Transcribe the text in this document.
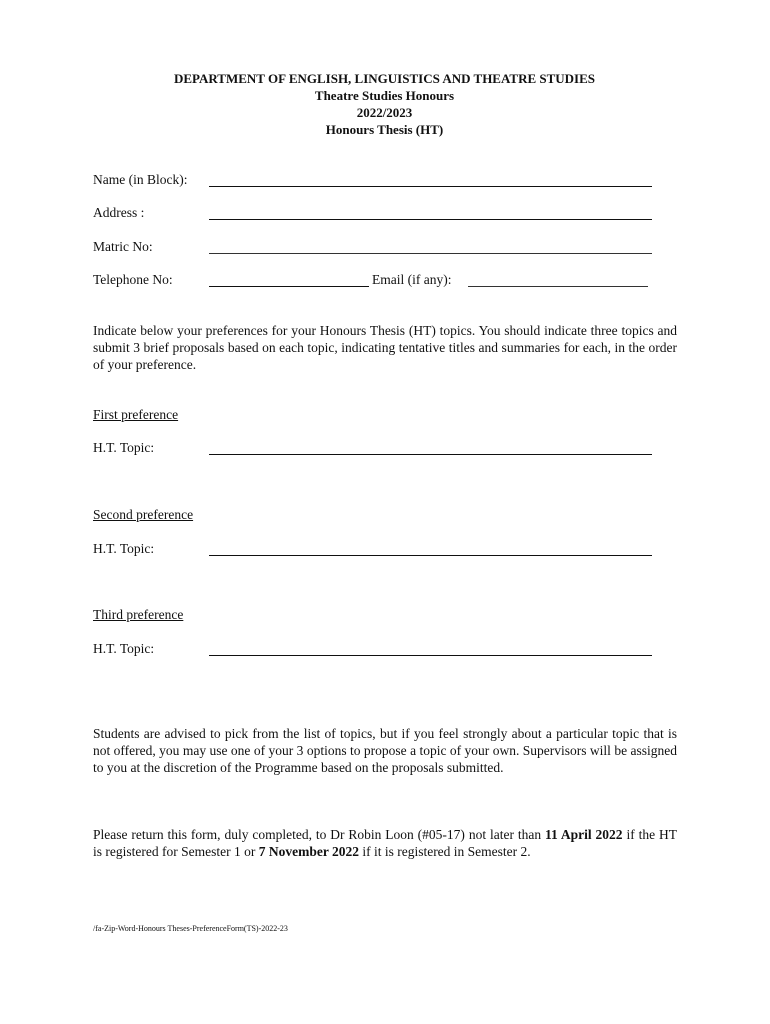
DEPARTMENT OF ENGLISH, LINGUISTICS AND THEATRE STUDIES
Theatre Studies Honours
2022/2023
Honours Thesis (HT)
Name (in Block):
Address :
Matric No:
Telephone No:	Email (if any):
Indicate below your preferences for your Honours Thesis (HT) topics. You should indicate three topics and submit 3 brief proposals based on each topic, indicating tentative titles and summaries for each, in the order of your preference.
First preference
H.T. Topic:
Second preference
H.T. Topic:
Third preference
H.T. Topic:
Students are advised to pick from the list of topics, but if you feel strongly about a particular topic that is not offered, you may use one of your 3 options to propose a topic of your own. Supervisors will be assigned to you at the discretion of the Programme based on the proposals submitted.
Please return this form, duly completed, to Dr Robin Loon (#05-17) not later than 11 April 2022 if the HT is registered for Semester 1 or 7 November 2022 if it is registered in Semester 2.
/fa-Zip-Word-Honours Theses-PreferenceForm(TS)-2022-23
